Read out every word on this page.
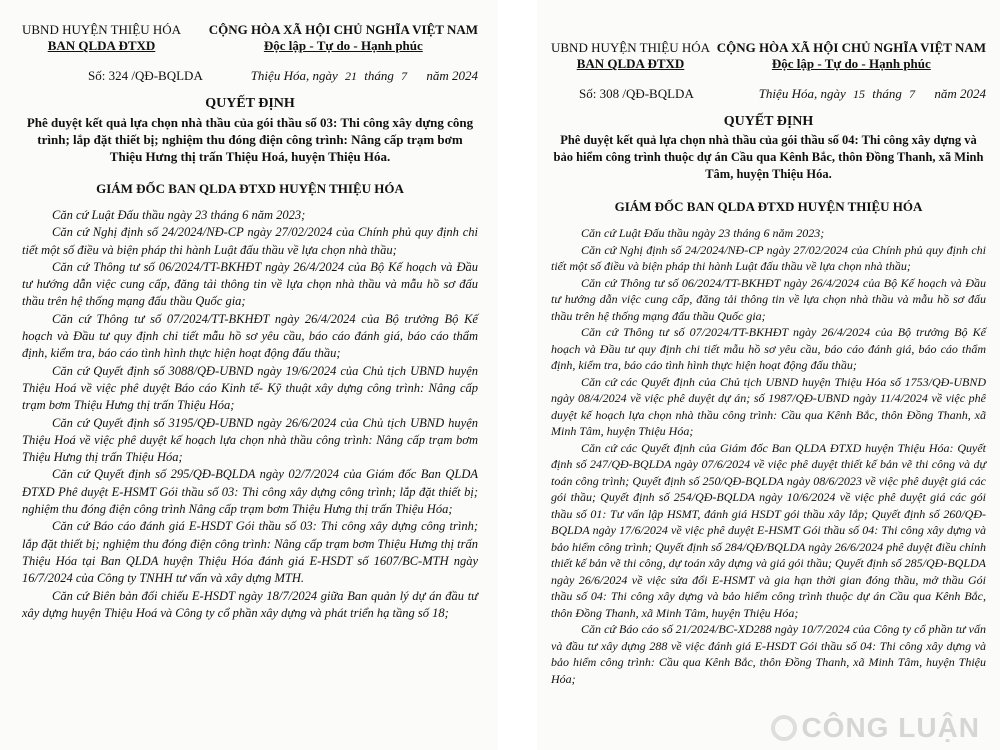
UBND HUYỆN THIỆU HÓA
BAN QLDA ĐTXD
CỘNG HÒA XÃ HỘI CHỦ NGHĨA VIỆT NAM
Độc lập - Tự do - Hạnh phúc
Số: 324 /QĐ-BQLDA	Thiệu Hóa, ngày 21 tháng 7 năm 2024
QUYẾT ĐỊNH
Phê duyệt kết quả lựa chọn nhà thầu của gói thầu số 03: Thi công xây dựng công trình; lắp đặt thiết bị; nghiệm thu đóng điện công trình: Nâng cấp trạm bơm Thiệu Hưng thị trấn Thiệu Hoá, huyện Thiệu Hóa.
GIÁM ĐỐC BAN QLDA ĐTXD HUYỆN THIỆU HÓA

Căn cứ Luật Đấu thầu ngày 23 tháng 6 năm 2023;

Căn cứ Nghị định số 24/2024/NĐ-CP ngày 27/02/2024 của Chính phủ quy định chi tiết một số điều và biện pháp thi hành Luật đấu thầu về lựa chọn nhà thầu;

Căn cứ Thông tư số 06/2024/TT-BKHĐT ngày 26/4/2024 của Bộ Kế hoạch và Đầu tư hướng dẫn việc cung cấp, đăng tải thông tin về lựa chọn nhà thầu và mẫu hồ sơ đấu thầu trên hệ thống mạng đấu thầu Quốc gia;

Căn cứ Thông tư số 07/2024/TT-BKHĐT ngày 26/4/2024 của Bộ trưởng Bộ Kế hoạch và Đầu tư quy định chi tiết mẫu hồ sơ yêu cầu, báo cáo đánh giá, báo cáo thẩm định, kiểm tra, báo cáo tình hình thực hiện hoạt động đấu thầu;

Căn cứ Quyết định số 3088/QĐ-UBND ngày 19/6/2024 của Chủ tịch UBND huyện Thiệu Hoá về việc phê duyệt Báo cáo Kinh tế- Kỹ thuật xây dựng công trình: Nâng cấp trạm bơm Thiệu Hưng thị trấn Thiệu Hóa;

Căn cứ Quyết định số 3195/QĐ-UBND ngày 26/6/2024 của Chủ tịch UBND huyện Thiệu Hoá về việc phê duyệt kế hoạch lựa chọn nhà thầu công trình: Nâng cấp trạm bơm Thiệu Hưng thị trấn Thiệu Hóa;

Căn cứ Quyết định số 295/QĐ-BQLDA ngày 02/7/2024 của Giám đốc Ban QLDA ĐTXD Phê duyệt E-HSMT Gói thầu số 03: Thi công xây dựng công trình; lắp đặt thiết bị; nghiệm thu đóng điện công trình Nâng cấp trạm bơm Thiệu Hưng thị trấn Thiệu Hóa;

Căn cứ Báo cáo đánh giá E-HSDT Gói thầu số 03: Thi công xây dựng công trình; lắp đặt thiết bị; nghiệm thu đóng điện công trình: Nâng cấp trạm bơm Thiệu Hưng thị trấn Thiệu Hóa tại Ban QLDA huyện Thiệu Hóa đánh giá E-HSDT số 1607/BC-MTH ngày 16/7/2024 của Công ty TNHH tư vấn và xây dựng MTH.

Căn cứ Biên bản đối chiếu E-HSDT ngày 18/7/2024 giữa Ban quản lý dự án đầu tư xây dựng huyện Thiệu Hoá và Công ty cổ phần xây dựng và phát triển hạ tầng số 18;

UBND HUYỆN THIỆU HÓA
BAN QLDA ĐTXD
CỘNG HÒA XÃ HỘI CHỦ NGHĨA VIỆT NAM
Độc lập - Tự do - Hạnh phúc
Số: 308 /QĐ-BQLDA	Thiệu Hóa, ngày 15 tháng 7 năm 2024
QUYẾT ĐỊNH
Phê duyệt kết quả lựa chọn nhà thầu của gói thầu số 04: Thi công xây dựng và bảo hiểm công trình thuộc dự án Cầu qua Kênh Bắc, thôn Đồng Thanh, xã Minh Tâm, huyện Thiệu Hóa.
GIÁM ĐỐC BAN QLDA ĐTXD HUYỆN THIỆU HÓA

Căn cứ Luật Đấu thầu ngày 23 tháng 6 năm 2023;

Căn cứ Nghị định số 24/2024/NĐ-CP ngày 27/02/2024 của Chính phủ quy định chi tiết một số điều và biện pháp thi hành Luật đấu thầu về lựa chọn nhà thầu;

Căn cứ Thông tư số 06/2024/TT-BKHĐT ngày 26/4/2024 của Bộ Kế hoạch và Đầu tư hướng dẫn việc cung cấp, đăng tải thông tin về lựa chọn nhà thầu và mẫu hồ sơ đấu thầu trên hệ thống mạng đấu thầu Quốc gia;

Căn cứ Thông tư số 07/2024/TT-BKHĐT ngày 26/4/2024 của Bộ trưởng Bộ Kế hoạch và Đầu tư quy định chi tiết mẫu hồ sơ yêu cầu, báo cáo đánh giá, báo cáo thẩm định, kiểm tra, báo cáo tình hình thực hiện hoạt động đấu thầu;

Căn cứ các Quyết định của Chủ tịch UBND huyện Thiệu Hóa số 1753/QĐ-UBND ngày 08/4/2024 về việc phê duyệt dự án; số 1987/QĐ-UBND ngày 11/4/2024 về việc phê duyệt kế hoạch lựa chọn nhà thầu công trình: Cầu qua Kênh Bắc, thôn Đồng Thanh, xã Minh Tâm, huyện Thiệu Hóa;

Căn cứ các Quyết định của Giám đốc Ban QLDA ĐTXD huyện Thiệu Hóa: Quyết định số 247/QĐ-BQLDA ngày 07/6/2024 về việc phê duyệt thiết kế bản vẽ thi công và dự toán công trình; Quyết định số 250/QĐ-BQLDA ngày 08/6/2023 về việc phê duyệt giá các gói thầu; Quyết định số 254/QĐ-BQLDA ngày 10/6/2024 về việc phê duyệt giá các gói thầu số 01: Tư vấn lập HSMT, đánh giá HSDT gói thầu xây lắp; Quyết định số 260/QĐ-BQLDA ngày 17/6/2024 về việc phê duyệt E-HSMT Gói thầu số 04: Thi công xây dựng và bảo hiểm công trình; Quyết định số 284/QĐ/BQLDA ngày 26/6/2024 phê duyệt điều chỉnh thiết kế bản vẽ thi công, dự toán xây dựng và giá gói thầu; Quyết định số 285/QĐ-BQLDA ngày 26/6/2024 về việc sửa đổi E-HSMT và gia hạn thời gian đóng thầu, mở thầu Gói thầu số 04: Thi công xây dựng và bảo hiểm công trình thuộc dự án Cầu qua Kênh Bắc, thôn Đồng Thanh, xã Minh Tâm, huyện Thiệu Hóa;

Căn cứ Báo cáo số 21/2024/BC-XD288 ngày 10/7/2024 của Công ty cổ phần tư vấn và đầu tư xây dựng 288 về việc đánh giá E-HSDT Gói thầu số 04: Thi công xây dựng và bảo hiểm công trình: Cầu qua Kênh Bắc, thôn Đồng Thanh, xã Minh Tâm, huyện Thiệu Hóa;

CÔNG LUẬN
